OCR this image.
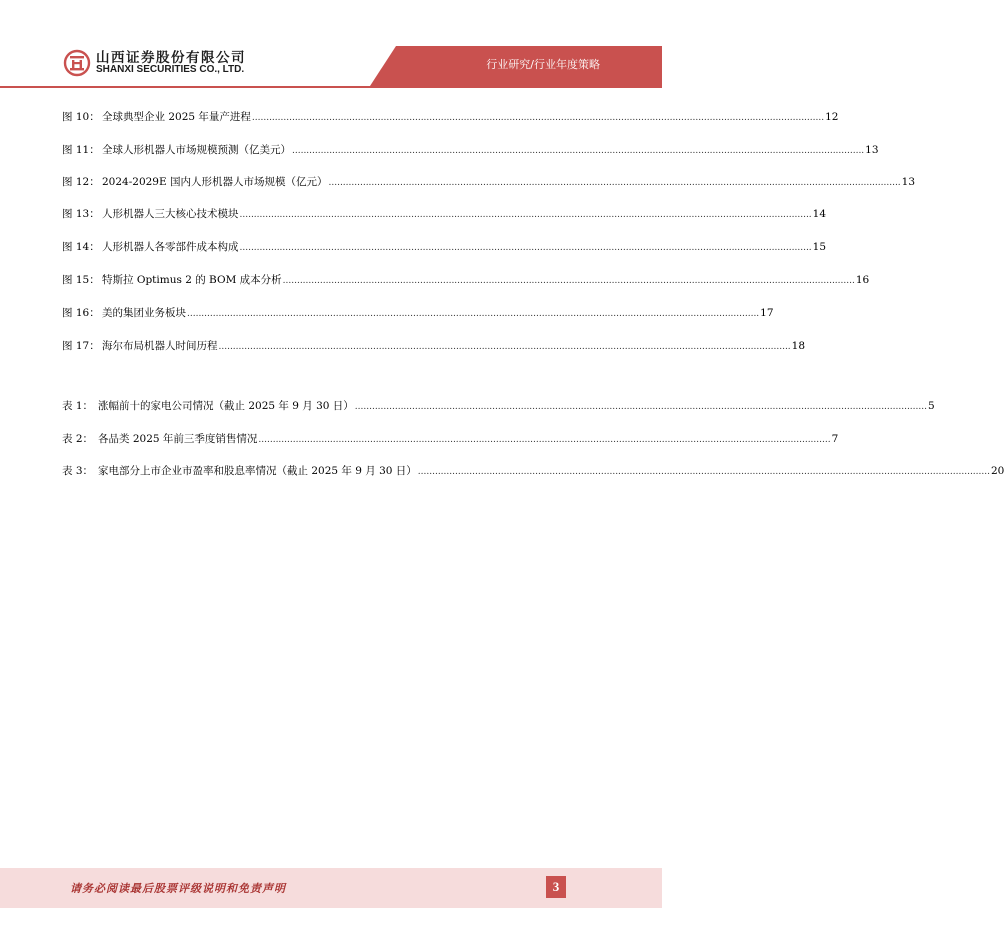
山西证券股份有限公司
SHANXI SECURITIES CO., LTD.	行业研究/行业年度策略
图 10： 全球典型企业 2025 年量产进程 ........................................................................................................................................................................................................ 12
图 11： 全球人形机器人市场规模预测（亿美元） ........................................................................................................................................................................................................ 13
图 12： 2024-2029E 国内人形机器人市场规模（亿元） ........................................................................................................................................................................................................ 13
图 13： 人形机器人三大核心技术模块 ........................................................................................................................................................................................................ 14
图 14： 人形机器人各零部件成本构成 ........................................................................................................................................................................................................ 15
图 15： 特斯拉 Optimus 2 的 BOM 成本分析 ........................................................................................................................................................................................................ 16
图 16： 美的集团业务板块 ........................................................................................................................................................................................................ 17
图 17： 海尔布局机器人时间历程 ........................................................................................................................................................................................................ 18
表 1： 涨幅前十的家电公司情况（截止 2025 年 9 月 30 日） ........................................................................................................................................................................................................ 5
表 2： 各品类 2025 年前三季度销售情况 ........................................................................................................................................................................................................ 7
表 3： 家电部分上市企业市盈率和股息率情况（截止 2025 年 9 月 30 日） ........................................................................................................................................................................................................ 20
请务必阅读最后股票评级说明和免责声明	3
